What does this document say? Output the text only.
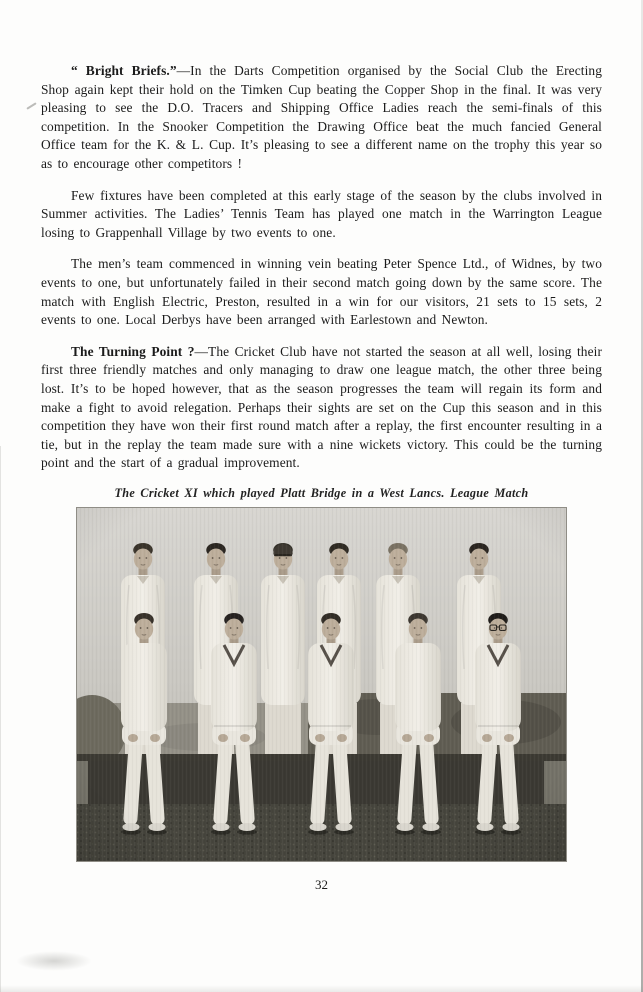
“ Bright Briefs.”—In the Darts Competition organised by the Social Club the Erecting Shop again kept their hold on the Timken Cup beating the Copper Shop in the final. It was very pleasing to see the D.O. Tracers and Shipping Office Ladies reach the semi-finals of this competition. In the Snooker Competition the Drawing Office beat the much fancied General Office team for the K. & L. Cup. It’s pleasing to see a different name on the trophy this year so as to encourage other competitors !

Few fixtures have been completed at this early stage of the season by the clubs involved in Summer activities. The Ladies’ Tennis Team has played one match in the Warrington League losing to Grappenhall Village by two events to one.

The men’s team commenced in winning vein beating Peter Spence Ltd., of Widnes, by two events to one, but unfortunately failed in their second match going down by the same score. The match with English Electric, Preston, resulted in a win for our visitors, 21 sets to 15 sets, 2 events to one. Local Derbys have been arranged with Earlestown and Newton.

The Turning Point ?—The Cricket Club have not started the season at all well, losing their first three friendly matches and only managing to draw one league match, the other three being lost. It’s to be hoped however, that as the season progresses the team will regain its form and make a fight to avoid relegation. Perhaps their sights are set on the Cup this season and in this competition they have won their first round match after a replay, the first encounter resulting in a tie, but in the replay the team made sure with a nine wickets victory. This could be the turning point and the start of a gradual improvement.

The Cricket XI which played Platt Bridge in a West Lancs. League Match
32
